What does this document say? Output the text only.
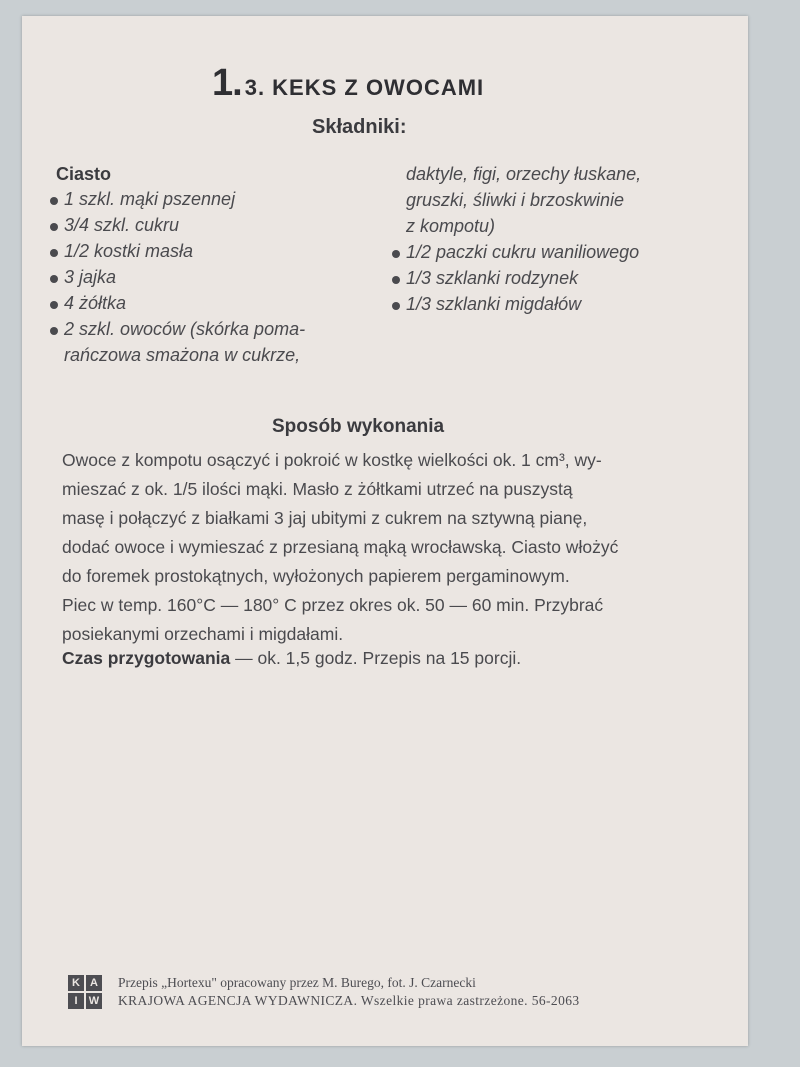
1 . 3. KEKS Z OWOCAMI
Składniki:
Ciasto
1 szkl. mąki pszennej
3/4 szkl. cukru
1/2 kostki masła
3 jajka
4 żółtka
2 szkl. owoców (skórka poma-
rańczowa smażona w cukrze,
daktyle, figi, orzechy łuskane,
gruszki, śliwki i brzoskwinie
z kompotu)
1/2 paczki cukru waniliowego
1/3 szklanki rodzynek
1/3 szklanki migdałów
Sposób wykonania
Owoce z kompotu osączyć i pokroić w kostkę wielkości ok. 1 cm³, wy-
mieszać z ok. 1/5 ilości mąki. Masło z żółtkami utrzeć na puszystą
masę i połączyć z białkami 3 jaj ubitymi z cukrem na sztywną pianę,
dodać owoce i wymieszać z przesianą mąką wrocławską. Ciasto włożyć
do foremek prostokątnych, wyłożonych papierem pergaminowym.
Piec w temp. 160°C — 180° C przez okres ok. 50 — 60 min. Przybrać
posiekanymi orzechami i migdałami.
Czas przygotowania — ok. 1,5 godz. Przepis na 15 porcji.
K A
I	W
Przepis „Hortexu" opracowany przez M. Burego, fot. J. Czarnecki
KRAJOWA AGENCJA WYDAWNICZA. Wszelkie prawa zastrzeżone. 56-2063
